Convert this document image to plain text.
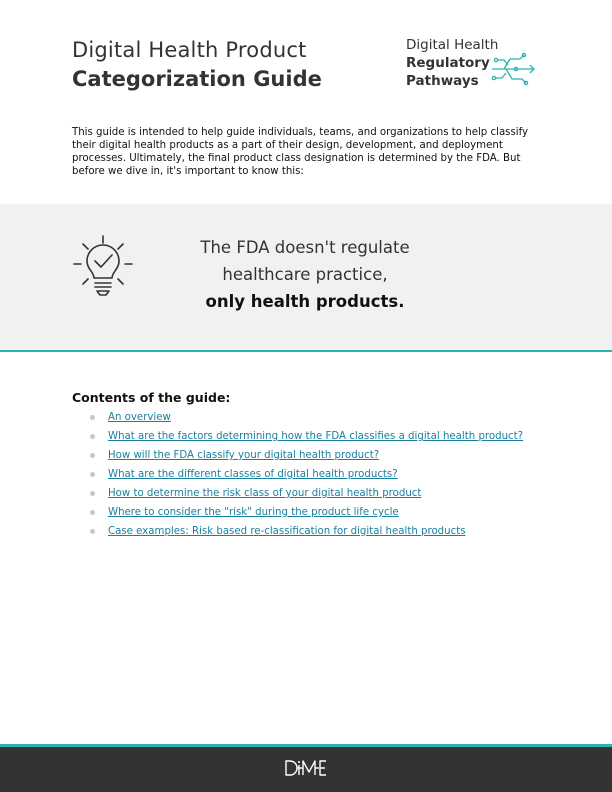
Digital Health Product
Categorization Guide
Digital Health
Regulatory
Pathways
This guide is intended to help guide individuals, teams, and organizations to help classify their digital health products as a part of their design, development, and deployment processes. Ultimately, the final product class designation is determined by the FDA. But before we dive in, it's important to know this:
The FDA doesn't regulate
healthcare practice,
only health products.
Contents of the guide:
An overview
What are the factors determining how the FDA classifies a digital health product?
How will the FDA classify your digital health product?
What are the different classes of digital health products?
How to determine the risk class of your digital health product
Where to consider the "risk" during the product life cycle
Case examples: Risk based re-classification for digital health products
